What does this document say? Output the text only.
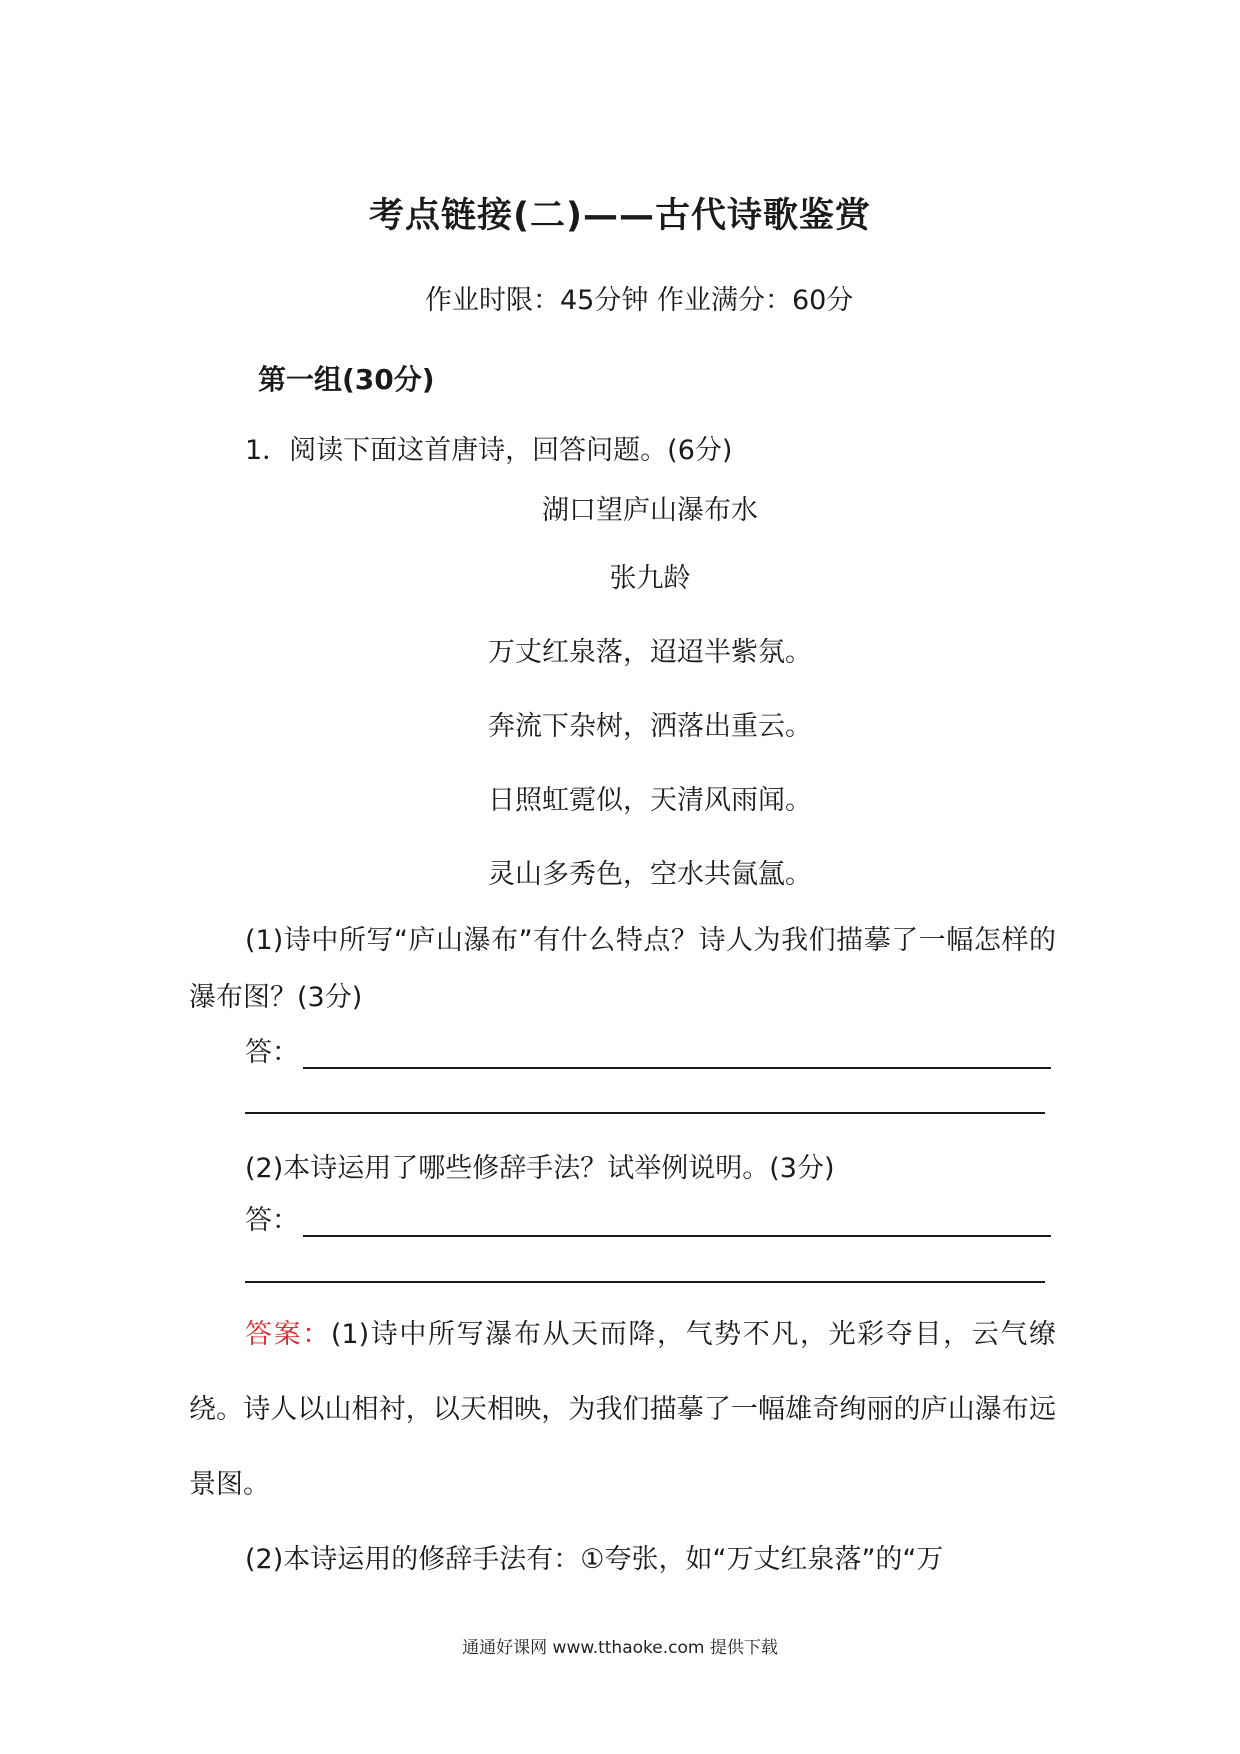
考点链接(二)——古代诗歌鉴赏
作业时限：45分钟 作业满分：60分
第一组(30分)
1．阅读下面这首唐诗，回答问题。(6分)
湖口望庐山瀑布水
张九龄
万丈红泉落，迢迢半紫氛。
奔流下杂树，洒落出重云。
日照虹霓似，天清风雨闻。
灵山多秀色，空水共氤氲。

(1)诗中所写“庐山瀑布”有什么特点？诗人为我们描摹了一幅怎样的瀑布图？(3分)

答：

(2)本诗运用了哪些修辞手法？试举例说明。(3分)

答：

答案：(1)诗中所写瀑布从天而降，气势不凡，光彩夺目，云气缭绕。诗人以山相衬，以天相映，为我们描摹了一幅雄奇绚丽的庐山瀑布远景图。

(2)本诗运用的修辞手法有：①夸张，如“万丈红泉落”的“万

通通好课网 www.tthaoke.com 提供下载
